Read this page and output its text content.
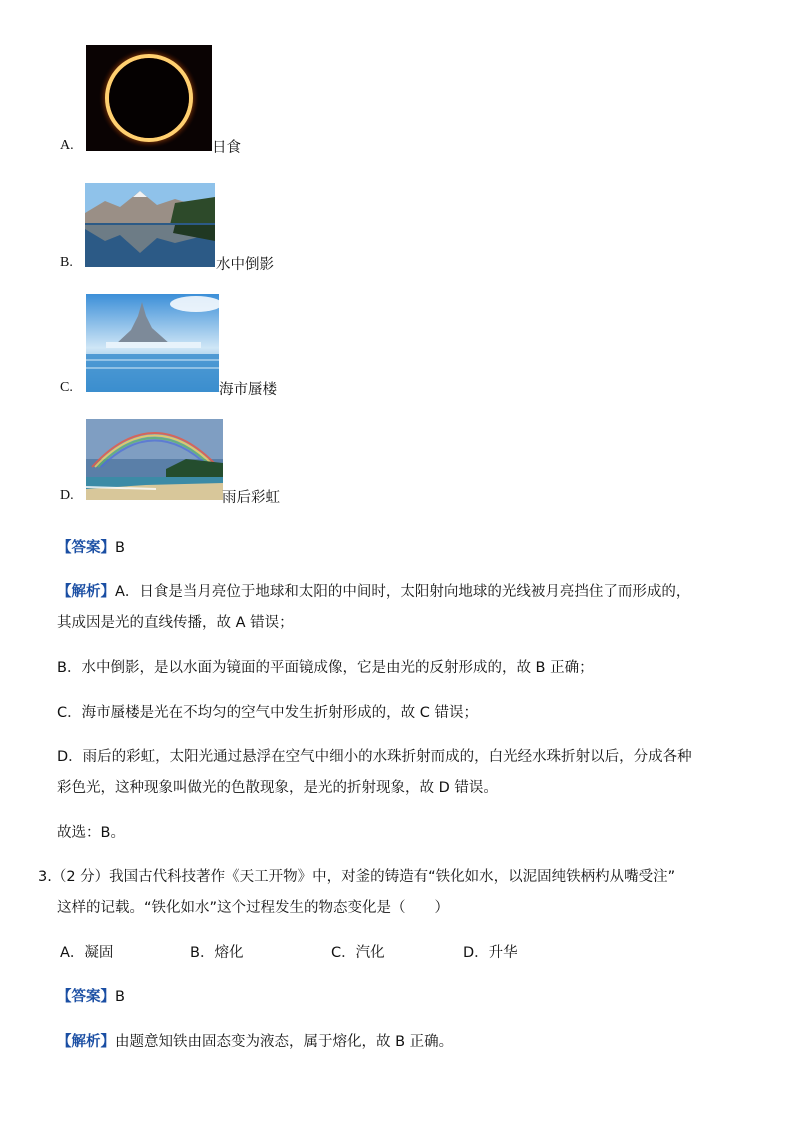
A.	日食
B.	水中倒影
C.	海市蜃楼
D.	雨后彩虹
【答案】B
【解析】A．日食是当月亮位于地球和太阳的中间时，太阳射向地球的光线被月亮挡住了而形成的，
其成因是光的直线传播，故 A 错误；
B．水中倒影，是以水面为镜面的平面镜成像，它是由光的反射形成的，故 B 正确；
C．海市蜃楼是光在不均匀的空气中发生折射形成的，故 C 错误；
D．雨后的彩虹，太阳光通过悬浮在空气中细小的水珠折射而成的，白光经水珠折射以后，分成各种
彩色光，这种现象叫做光的色散现象，是光的折射现象，故 D 错误。
故选：B。
3.（2 分）我国古代科技著作《天工开物》中，对釜的铸造有“铁化如水，以泥固纯铁柄杓从嘴受注”
这样的记载。“铁化如水”这个过程发生的物态变化是（　　）
A．凝固	B．熔化	C．汽化	D．升华
【答案】B
【解析】由题意知铁由固态变为液态，属于熔化，故 B 正确。
